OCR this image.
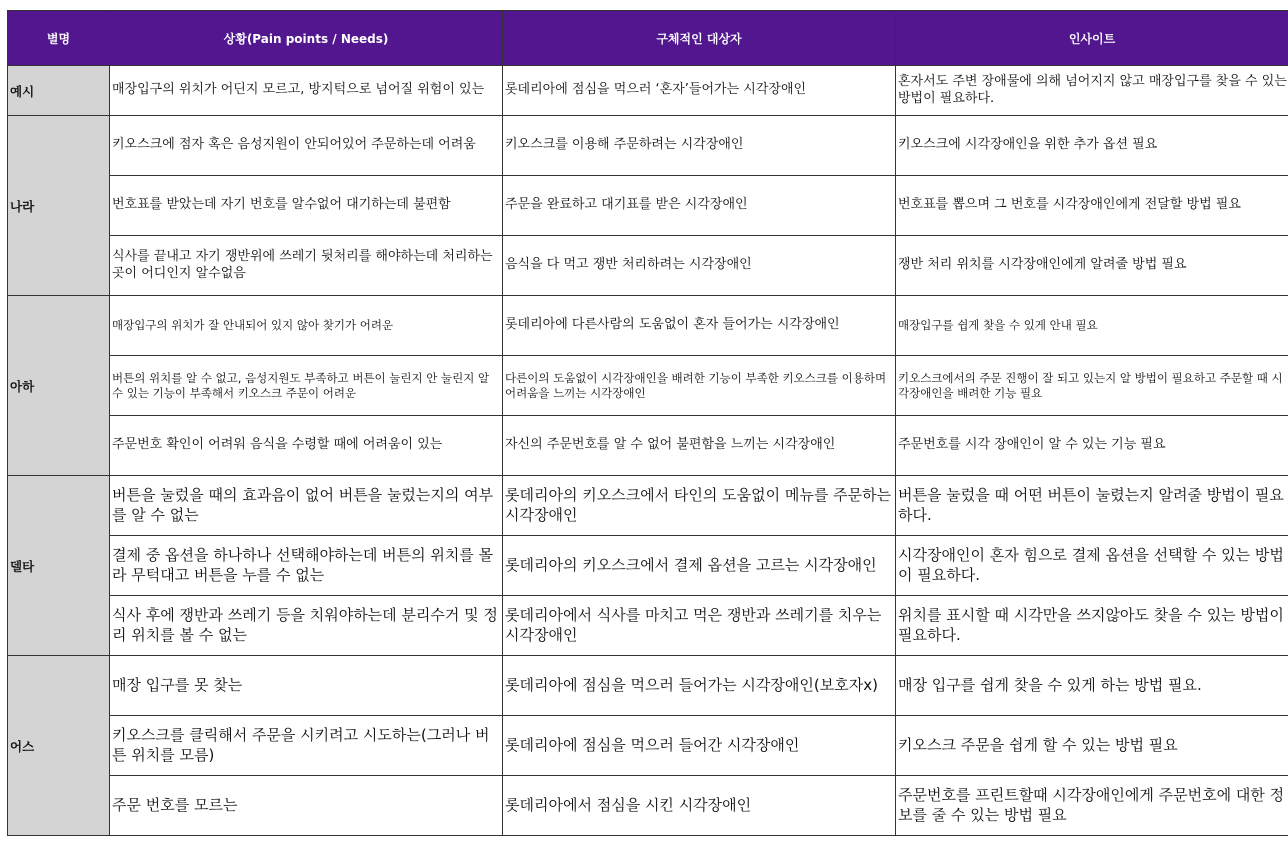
별명	상황(Pain points / Needs)	구체적인 대상자	인사이트
예시	매장입구의 위치가 어딘지 모르고, 방지턱으로 넘어질 위험이 있는	롯데리아에 점심을 먹으러 ‘혼자’들어가는 시각장애인	혼자서도 주변 장애물에 의해 넘어지지 않고 매장입구를 찾을 수 있는 방법이 필요하다.
나라	키오스크에 점자 혹은 음성지원이 안되어있어 주문하는데 어려움	키오스크를 이용해 주문하려는 시각장애인	키오스크에 시각장애인을 위한 추가 옵션 필요
	번호표를 받았는데 자기 번호를 알수없어 대기하는데 불편함	주문을 완료하고 대기표를 받은 시각장애인	번호표를 뽑으며 그 번호를 시각장애인에게 전달할 방법 필요
	식사를 끝내고 자기 쟁반위에 쓰레기 뒷처리를 해야하는데 처리하는 곳이 어디인지 알수없음	음식을 다 먹고 쟁반 처리하려는 시각장애인	쟁반 처리 위치를 시각장애인에게 알려줄 방법 필요
아하	매장입구의 위치가 잘 안내되어 있지 않아 찾기가 어려운	롯데리아에 다른사람의 도움없이 혼자 들어가는 시각장애인	매장입구를 쉽게 찾을 수 있게 안내 필요
	버튼의 위치를 알 수 없고, 음성지원도 부족하고 버튼이 눌린지 안 눌린지 알 수 있는 기능이 부족해서 키오스크 주문이 어려운	다른이의 도움없이 시각장애인을 배려한 기능이 부족한 키오스크를 이용하며 어려움을 느끼는 시각장애인	키오스크에서의 주문 진행이 잘 되고 있는지 알 방법이 필요하고 주문할 때 시각장애인을 배려한 기능 필요
	주문번호 확인이 어려워 음식을 수령할 때에 어려움이 있는	자신의 주문번호를 알 수 없어 불편함을 느끼는 시각장애인	주문번호를 시각 장애인이 알 수 있는 기능 필요
델타	버튼을 눌렀을 때의 효과음이 없어 버튼을 눌렀는지의 여부를 알 수 없는	롯데리아의 키오스크에서 타인의 도움없이 메뉴를 주문하는 시각장애인	버튼을 눌렀을 때 어떤 버튼이 눌렸는지 알려줄 방법이 필요하다.
	결제 중 옵션을 하나하나 선택해야하는데 버튼의 위치를 몰라 무턱대고 버튼을 누를 수 없는	롯데리아의 키오스크에서 결제 옵션을 고르는 시각장애인	시각장애인이 혼자 힘으로 결제 옵션을 선택할 수 있는 방법이 필요하다.
	식사 후에 쟁반과 쓰레기 등을 치워야하는데 분리수거 및 정리 위치를 볼 수 없는	롯데리아에서 식사를 마치고 먹은 쟁반과 쓰레기를 치우는 시각장애인	위치를 표시할 때 시각만을 쓰지않아도 찾을 수 있는 방법이 필요하다.
어스	매장 입구를 못 찾는	롯데리아에 점심을 먹으러 들어가는 시각장애인(보호자x)	매장 입구를 쉽게 찾을 수 있게 하는 방법 필요.
	키오스크를 클릭해서 주문을 시키려고 시도하는(그러나 버튼 위치를 모름)	롯데리아에 점심을 먹으러 들어간 시각장애인	키오스크 주문을 쉽게 할 수 있는 방법 필요
	주문 번호를 모르는	롯데리아에서 점심을 시킨 시각장애인	주문번호를 프린트할때 시각장애인에게 주문번호에 대한 정보를 줄 수 있는 방법 필요
